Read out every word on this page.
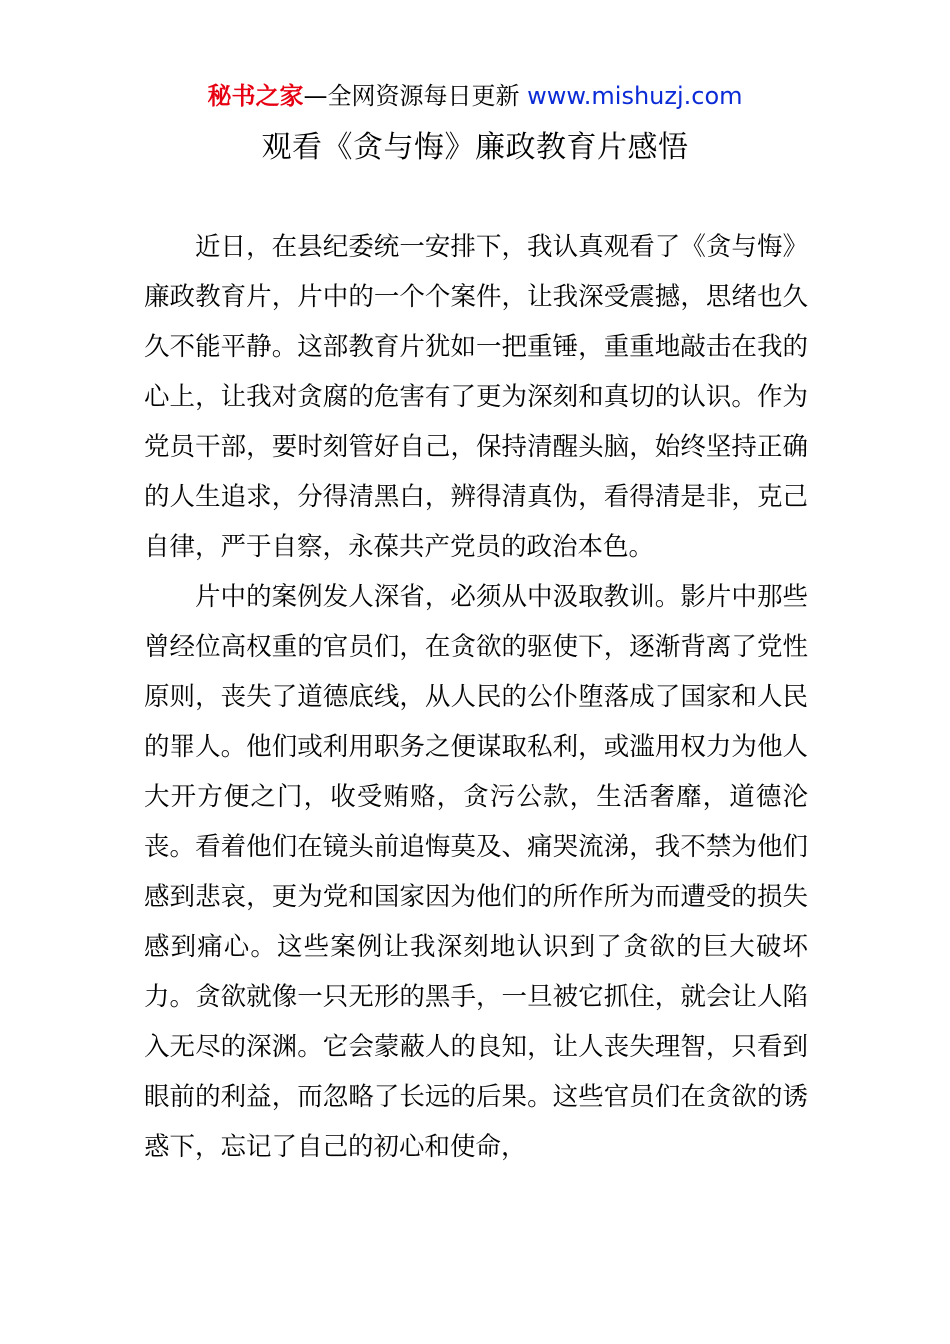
秘书之家—全网资源每日更新 www.mishuzj.com
观看《贪与悔》廉政教育片感悟

近日，在县纪委统一安排下，我认真观看了《贪与悔》廉政教育片，片中的一个个案件，让我深受震撼，思绪也久久不能平静。这部教育片犹如一把重锤，重重地敲击在我的心上，让我对贪腐的危害有了更为深刻和真切的认识。作为党员干部，要时刻管好自己，保持清醒头脑，始终坚持正确的人生追求，分得清黑白，辨得清真伪，看得清是非，克己自律，严于自察，永葆共产党员的政治本色。

片中的案例发人深省，必须从中汲取教训。影片中那些曾经位高权重的官员们，在贪欲的驱使下，逐渐背离了党性原则，丧失了道德底线，从人民的公仆堕落成了国家和人民的罪人。他们或利用职务之便谋取私利，或滥用权力为他人大开方便之门，收受贿赂，贪污公款，生活奢靡，道德沦丧。看着他们在镜头前追悔莫及、痛哭流涕，我不禁为他们感到悲哀，更为党和国家因为他们的所作所为而遭受的损失感到痛心。这些案例让我深刻地认识到了贪欲的巨大破坏力。贪欲就像一只无形的黑手，一旦被它抓住，就会让人陷入无尽的深渊。它会蒙蔽人的良知，让人丧失理智，只看到眼前的利益，而忽略了长远的后果。这些官员们在贪欲的诱惑下，忘记了自己的初心和使命，
